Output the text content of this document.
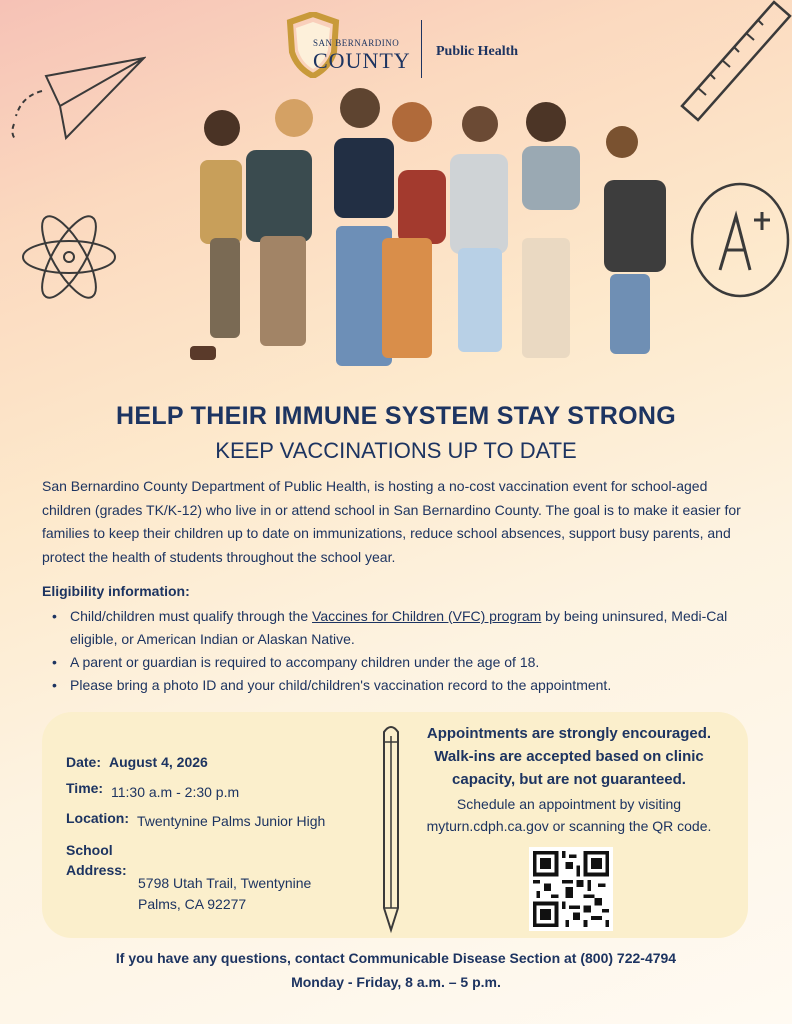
SAN BERNARDINO
COUNTY Public Health
HELP THEIR IMMUNE SYSTEM STAY STRONG
KEEP VACCINATIONS UP TO DATE

San Bernardino County Department of Public Health, is hosting a no-cost vaccination event for school-aged children (grades TK/K-12) who live in or attend school in San Bernardino County. The goal is to make it easier for families to keep their children up to date on immunizations, reduce school absences, support busy parents, and protect the health of students throughout the school year.

Eligibility information:
• Child/children must qualify through the Vaccines for Children (VFC) program by being uninsured, Medi-Cal eligible, or American Indian or Alaskan Native.
• A parent or guardian is required to accompany children under the age of 18.
• Please bring a photo ID and your child/children's vaccination record to the appointment.
Date: August 4, 2026
Time: 11:30 a.m - 2:30 p.m
Location: Twentynine Palms Junior High
School
Address:
5798 Utah Trail, Twentynine
Palms, CA 92277
Appointments are strongly encouraged.
Walk-ins are accepted based on clinic
capacity, but are not guaranteed.
Schedule an appointment by visiting
myturn.cdph.ca.gov or scanning the QR code.
If you have any questions, contact Communicable Disease Section at (800) 722-4794
Monday - Friday, 8 a.m. – 5 p.m.
